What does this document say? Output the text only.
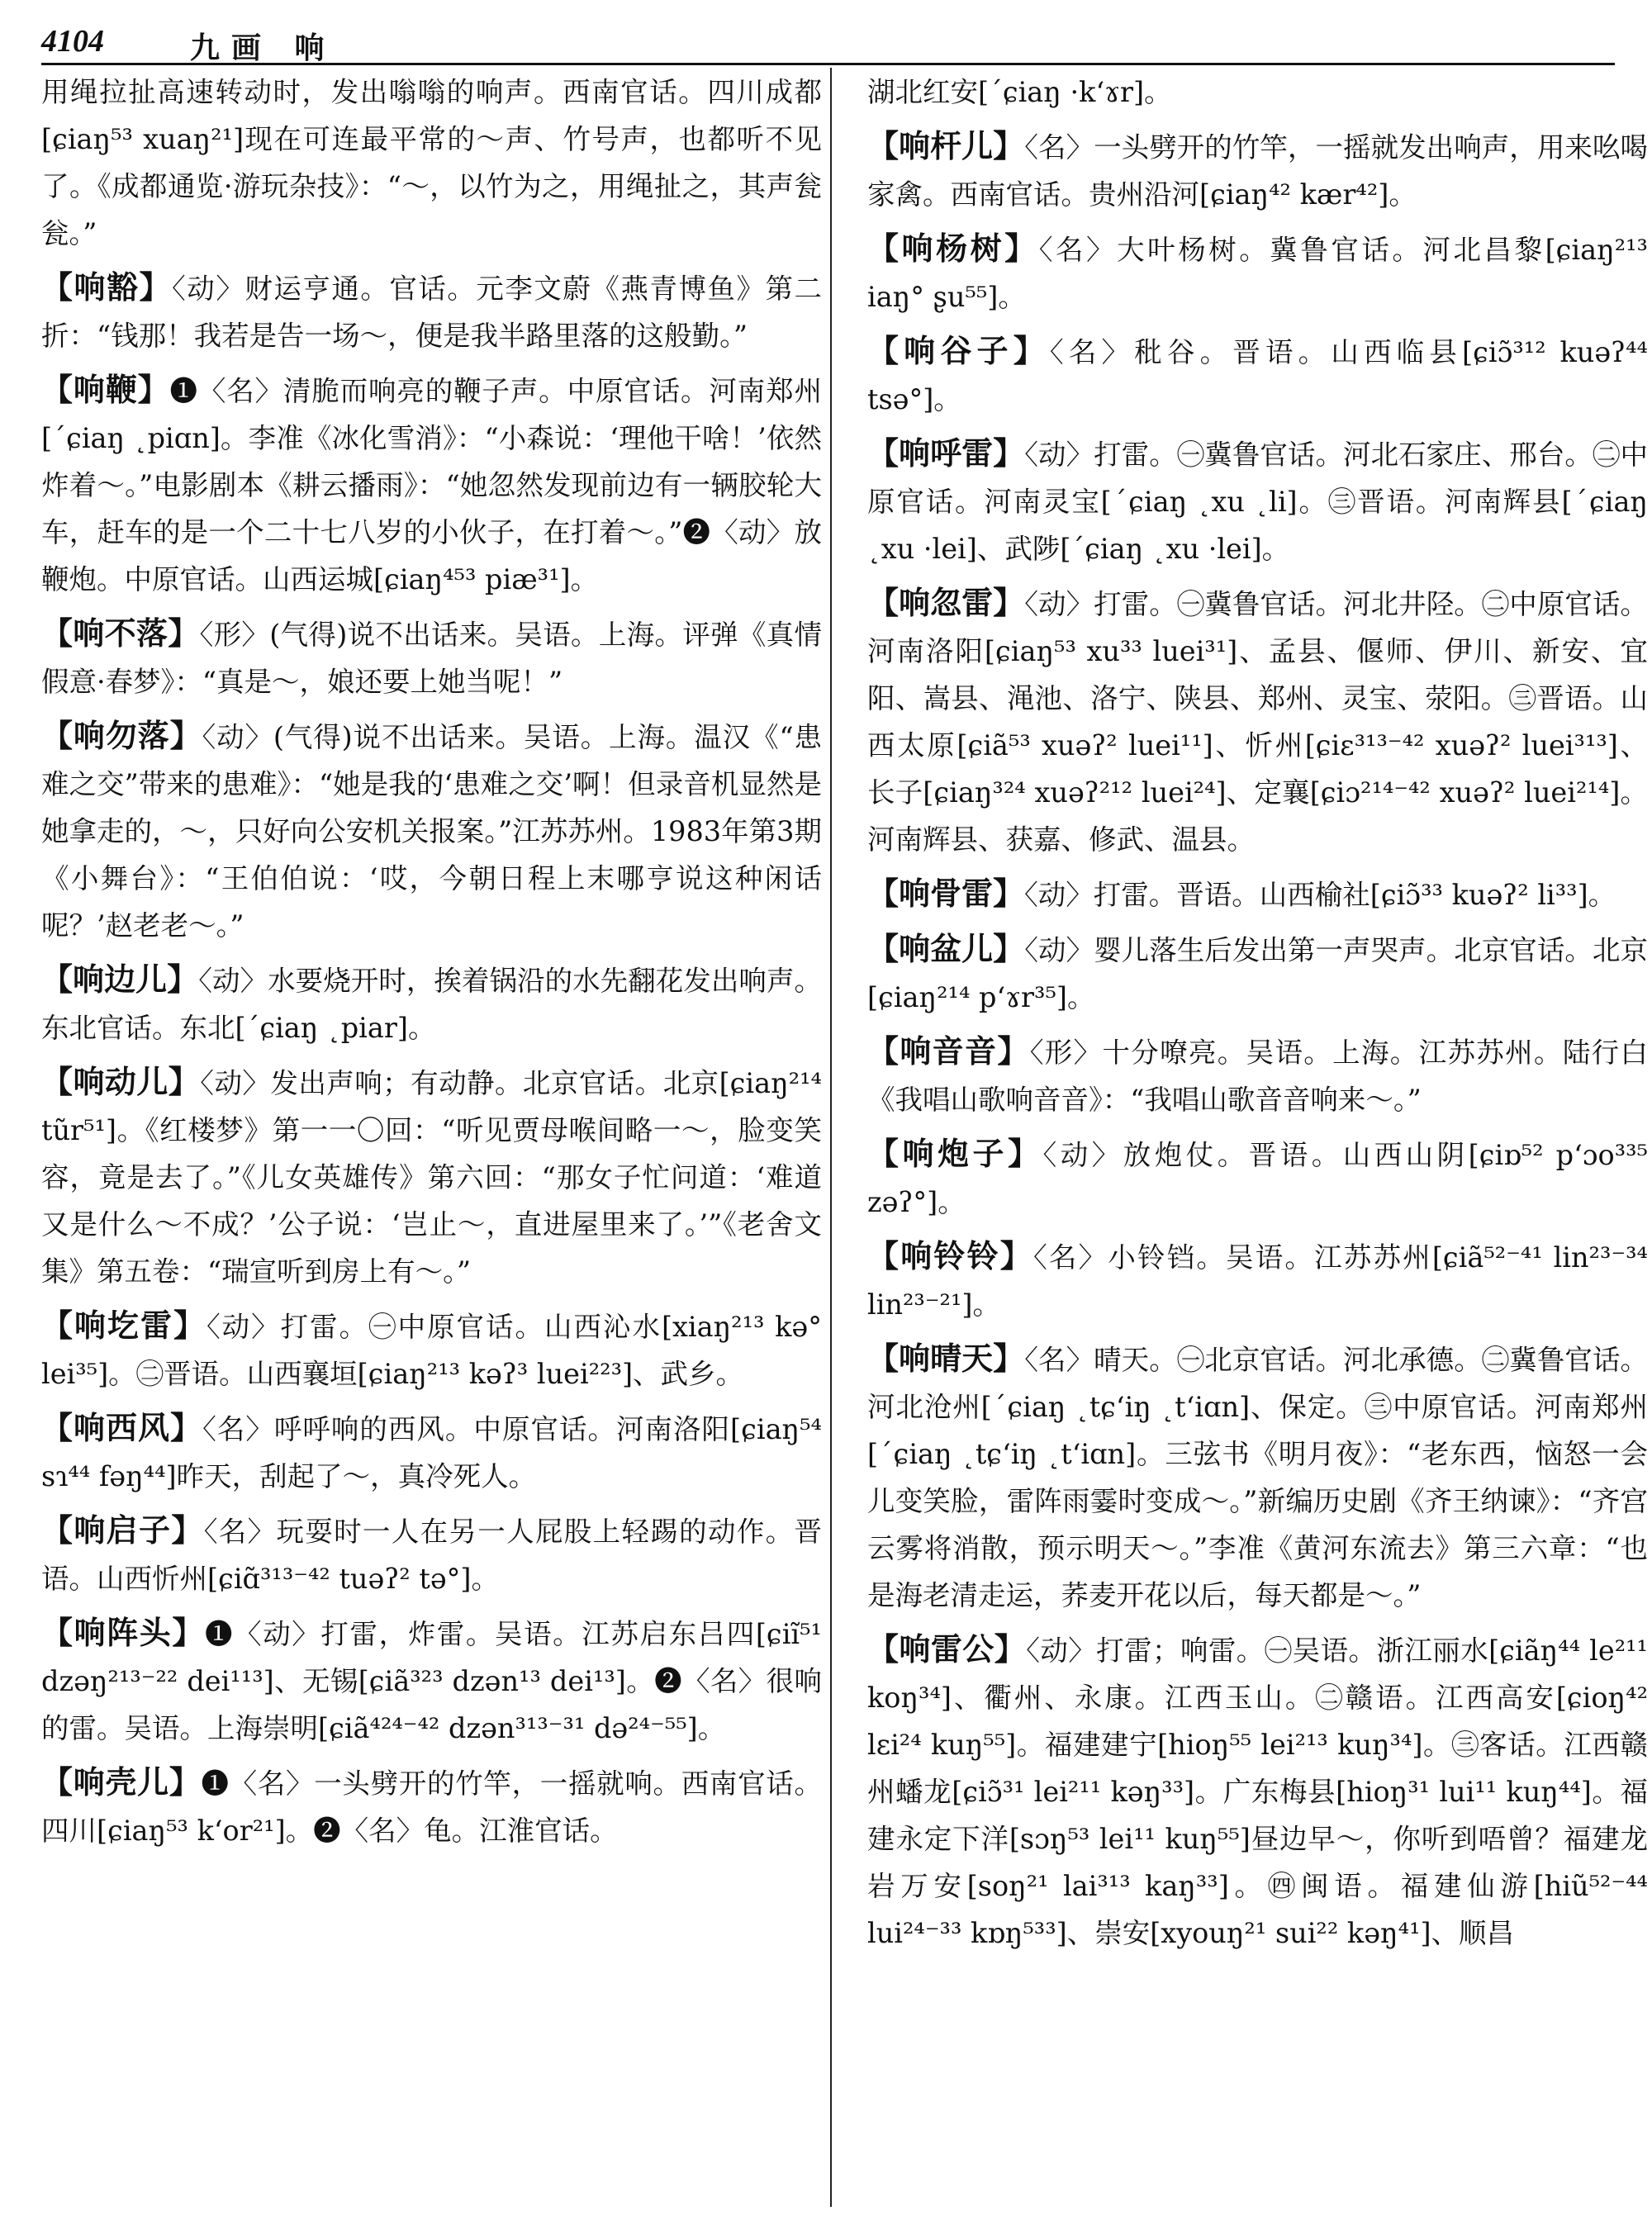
4104	九画 响

用绳拉扯高速转动时，发出嗡嗡的响声。西南官话。四川成都[ɕiaŋ⁵³ xuaŋ²¹]现在可连最平常的～声、竹号声，也都听不见了。《成都通览·游玩杂技》：“～，以竹为之，用绳扯之，其声瓮瓮。”

【响豁】〈动〉财运亨通。官话。元李文蔚《燕青博鱼》第二折：“钱那！我若是告一场～，便是我半路里落的这般勤。”

【响鞭】❶〈名〉清脆而响亮的鞭子声。中原官话。河南郑州[ˊɕiaŋ ˛piɑn]。李准《冰化雪消》：“小森说：‘理他干啥！’依然炸着～。”电影剧本《耕云播雨》：“她忽然发现前边有一辆胶轮大车，赶车的是一个二十七八岁的小伙子，在打着～。”❷〈动〉放鞭炮。中原官话。山西运城[ɕiaŋ⁴⁵³ piæ³¹]。

【响不落】〈形〉(气得)说不出话来。吴语。上海。评弹《真情假意·春梦》：“真是～，娘还要上她当呢！”

【响勿落】〈动〉(气得)说不出话来。吴语。上海。温汉《“患难之交”带来的患难》：“她是我的‘患难之交’啊！但录音机显然是她拿走的，～，只好向公安机关报案。”江苏苏州。1983年第3期《小舞台》：“王伯伯说：‘哎，今朝日程上末哪亨说这种闲话呢？’赵老老～。”

【响边儿】〈动〉水要烧开时，挨着锅沿的水先翻花发出响声。东北官话。东北[ˊɕiaŋ ˛piar]。

【响动儿】〈动〉发出声响；有动静。北京官话。北京[ɕiaŋ²¹⁴ tũr⁵¹]。《红楼梦》第一一〇回：“听见贾母喉间略一～，脸变笑容，竟是去了。”《儿女英雄传》第六回：“那女子忙问道：‘难道又是什么～不成？’公子说：‘岂止～，直进屋里来了。’”《老舍文集》第五卷：“瑞宣听到房上有～。”

【响圪雷】〈动〉打雷。㊀中原官话。山西沁水[xiaŋ²¹³ kə° lei³⁵]。㊁晋语。山西襄垣[ɕiaŋ²¹³ kəʔ³ luei²²³]、武乡。

【响西风】〈名〉呼呼响的西风。中原官话。河南洛阳[ɕiaŋ⁵⁴ sɿ⁴⁴ fəŋ⁴⁴]昨天，刮起了～，真冷死人。

【响启子】〈名〉玩耍时一人在另一人屁股上轻踢的动作。晋语。山西忻州[ɕiɑ̃³¹³⁻⁴² tuəʔ² tə°]。

【响阵头】❶〈动〉打雷，炸雷。吴语。江苏启东吕四[ɕiĩ⁵¹ dzəŋ²¹³⁻²² dei¹¹³]、无锡[ɕiã³²³ dzən¹³ dei¹³]。❷〈名〉很响的雷。吴语。上海崇明[ɕiã⁴²⁴⁻⁴² dzən³¹³⁻³¹ də²⁴⁻⁵⁵]。

【响壳儿】❶〈名〉一头劈开的竹竿，一摇就响。西南官话。四川[ɕiaŋ⁵³ kʻor²¹]。❷〈名〉龟。江淮官话。

湖北红安[ˊɕiaŋ ·kʻɤr]。

【响杆儿】〈名〉一头劈开的竹竿，一摇就发出响声，用来吆喝家禽。西南官话。贵州沿河[ɕiaŋ⁴² kær⁴²]。

【响杨树】〈名〉大叶杨树。冀鲁官话。河北昌黎[ɕiaŋ²¹³ iaŋ° ʂu⁵⁵]。

【响谷子】〈名〉秕谷。晋语。山西临县[ɕiɔ̃³¹² kuəʔ⁴⁴ tsə°]。

【响呼雷】〈动〉打雷。㊀冀鲁官话。河北石家庄、邢台。㊁中原官话。河南灵宝[ˊɕiaŋ ˛xu ˛li]。㊂晋语。河南辉县[ˊɕiaŋ ˛xu ·lei]、武陟[ˊɕiaŋ ˛xu ·lei]。

【响忽雷】〈动〉打雷。㊀冀鲁官话。河北井陉。㊁中原官话。河南洛阳[ɕiaŋ⁵³ xu³³ luei³¹]、孟县、偃师、伊川、新安、宜阳、嵩县、渑池、洛宁、陕县、郑州、灵宝、荥阳。㊂晋语。山西太原[ɕiã⁵³ xuəʔ² luei¹¹]、忻州[ɕiɛ³¹³⁻⁴² xuəʔ² luei³¹³]、长子[ɕiaŋ³²⁴ xuəʔ²¹² luei²⁴]、定襄[ɕiɔ²¹⁴⁻⁴² xuəʔ² luei²¹⁴]。河南辉县、获嘉、修武、温县。

【响骨雷】〈动〉打雷。晋语。山西榆社[ɕiɔ̃³³ kuəʔ² li³³]。

【响盆儿】〈动〉婴儿落生后发出第一声哭声。北京官话。北京[ɕiaŋ²¹⁴ pʻɤr³⁵]。

【响音音】〈形〉十分嘹亮。吴语。上海。江苏苏州。陆行白《我唱山歌响音音》：“我唱山歌音音响来～。”

【响炮子】〈动〉放炮仗。晋语。山西山阴[ɕiɒ⁵² pʻɔo³³⁵ zəʔ°]。

【响铃铃】〈名〉小铃铛。吴语。江苏苏州[ɕiã⁵²⁻⁴¹ lin²³⁻³⁴ lin²³⁻²¹]。

【响晴天】〈名〉晴天。㊀北京官话。河北承德。㊁冀鲁官话。河北沧州[ˊɕiaŋ ˛tɕʻiŋ ˛tʻiɑn]、保定。㊂中原官话。河南郑州[ˊɕiaŋ ˛tɕʻiŋ ˛tʻiɑn]。三弦书《明月夜》：“老东西，恼怒一会儿变笑脸，雷阵雨霎时变成～。”新编历史剧《齐王纳谏》：“齐宫云雾将消散，预示明天～。”李准《黄河东流去》第三六章：“也是海老清走运，荞麦开花以后，每天都是～。”

【响雷公】〈动〉打雷；响雷。㊀吴语。浙江丽水[ɕiãŋ⁴⁴ le²¹¹ koŋ³⁴]、衢州、永康。江西玉山。㊁赣语。江西高安[ɕioŋ⁴² lɛi²⁴ kuŋ⁵⁵]。福建建宁[hioŋ⁵⁵ lei²¹³ kuŋ³⁴]。㊂客话。江西赣州蟠龙[ɕiɔ̃³¹ lei²¹¹ kəŋ³³]。广东梅县[hioŋ³¹ lui¹¹ kuŋ⁴⁴]。福建永定下洋[sɔŋ⁵³ lei¹¹ kuŋ⁵⁵]昼边早～，你听到唔曾？福建龙岩万安[soŋ²¹ lai³¹³ kaŋ³³]。㊃闽语。福建仙游[hiũ⁵²⁻⁴⁴ lui²⁴⁻³³ kɒŋ⁵³³]、崇安[xyouŋ²¹ sui²² kəŋ⁴¹]、顺昌
